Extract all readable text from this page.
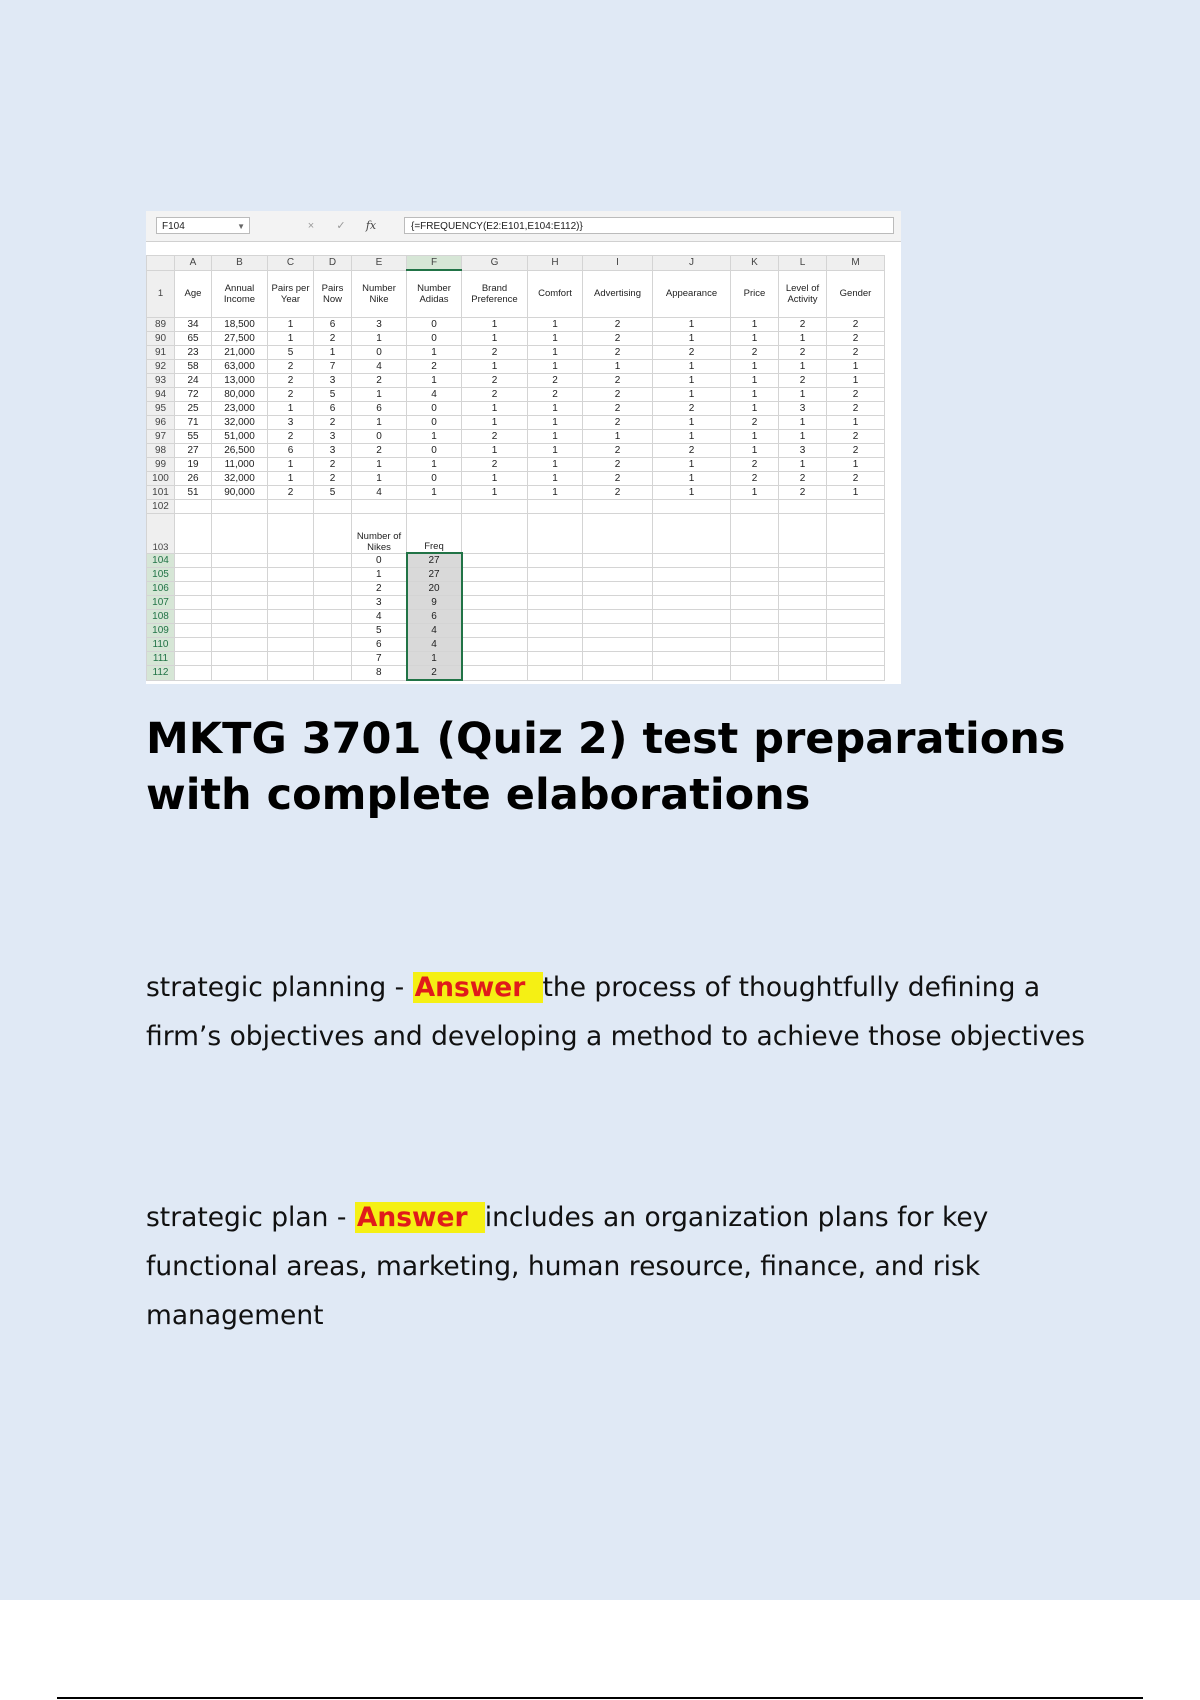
F104	▼	× ✓ fx	{=FREQUENCY(E2:E101,E104:E112)}
	A	B	C	D	E	F	G	H	I	J	K	L	M
1	Age	Annual Income	Pairs per Year	Pairs Now	Number Nike	Number Adidas	Brand Preference	Comfort	Advertising	Appearance	Price	Level of Activity	Gender
89	34	18,500	1	6	3	0	1	1	2	1	1	2	2
90	65	27,500	1	2	1	0	1	1	2	1	1	1	2
91	23	21,000	5	1	0	1	2	1	2	2	2	2	2
92	58	63,000	2	7	4	2	1	1	1	1	1	1	1
93	24	13,000	2	3	2	1	2	2	2	1	1	2	1
94	72	80,000	2	5	1	4	2	2	2	1	1	1	2
95	25	23,000	1	6	6	0	1	1	2	2	1	3	2
96	71	32,000	3	2	1	0	1	1	2	1	2	1	1
97	55	51,000	2	3	0	1	2	1	1	1	1	1	2
98	27	26,500	6	3	2	0	1	1	2	2	1	3	2
99	19	11,000	1	2	1	1	2	1	2	1	2	1	1
100	26	32,000	1	2	1	0	1	1	2	1	2	2	2
101	51	90,000	2	5	4	1	1	1	2	1	1	2	1
102													
103					Number of Nikes	Freq							
104					0	27							
105					1	27							
106					2	20							
107					3	9							
108					4	6							
109					5	4							
110					6	4							
111					7	1							
112					8	2							
MKTG 3701 (Quiz 2) test preparations with complete elaborations

strategic planning - Answer the process of thoughtfully defining a firm’s objectives and developing a method to achieve those objectives

strategic plan - Answer includes an organization plans for key functional areas, marketing, human resource, finance, and risk management
